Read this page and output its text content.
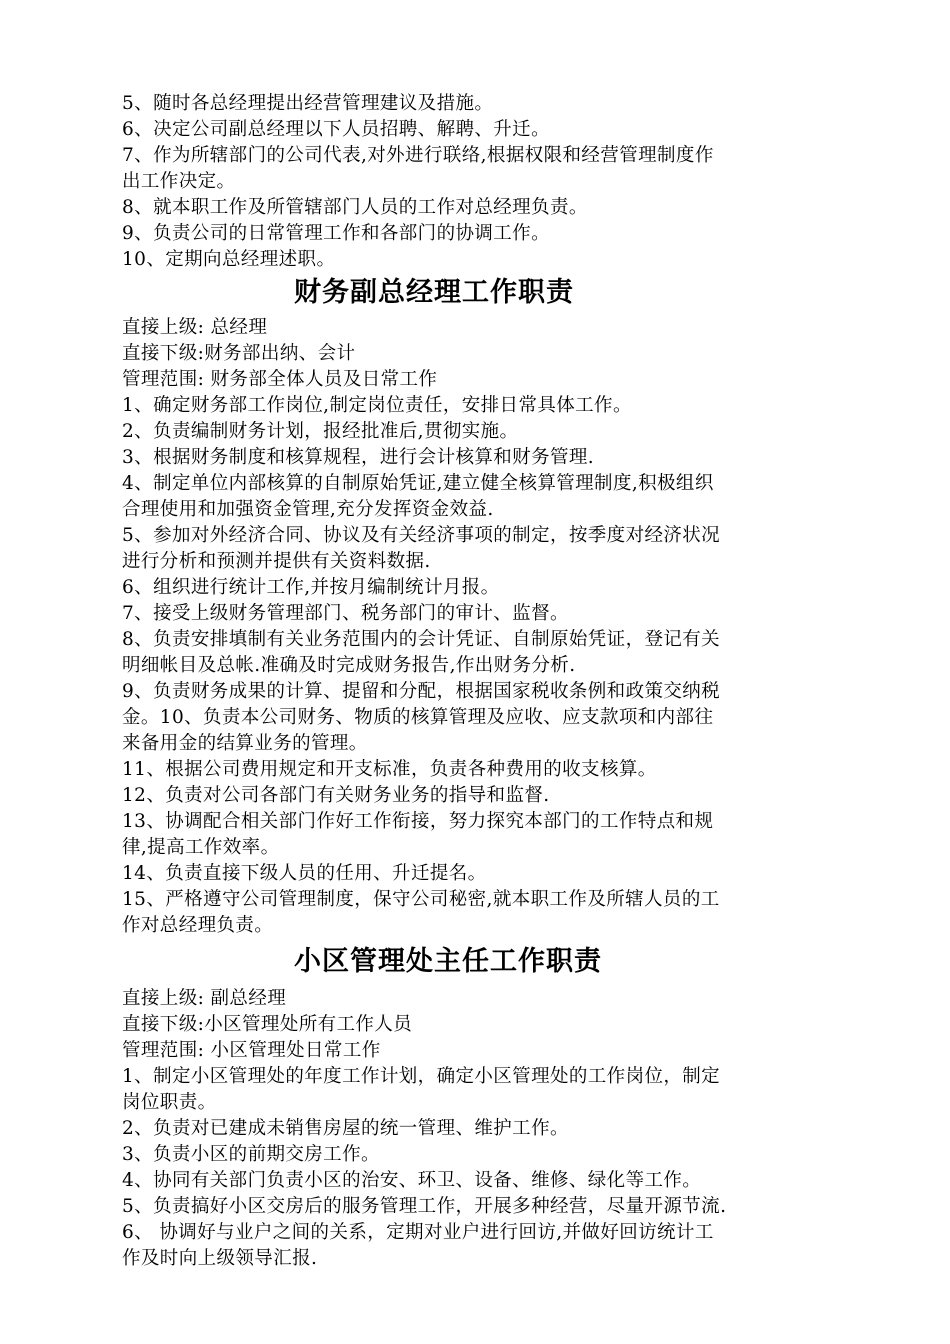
5、随时各总经理提出经营管理建议及措施。
6、决定公司副总经理以下人员招聘、解聘、升迁。
7、作为所辖部门的公司代表,对外进行联络,根据权限和经营管理制度作
出工作决定。
8、就本职工作及所管辖部门人员的工作对总经理负责。
9、负责公司的日常管理工作和各部门的协调工作。
10、定期向总经理述职。
财务副总经理工作职责
直接上级: 总经理
直接下级:财务部出纳、会计
管理范围: 财务部全体人员及日常工作
1、确定财务部工作岗位,制定岗位责任，安排日常具体工作。
2、负责编制财务计划，报经批准后,贯彻实施。
3、根据财务制度和核算规程，进行会计核算和财务管理.
4、制定单位内部核算的自制原始凭证,建立健全核算管理制度,积极组织
合理使用和加强资金管理,充分发挥资金效益.
5、参加对外经济合同、协议及有关经济事项的制定，按季度对经济状况
进行分析和预测并提供有关资料数据.
6、组织进行统计工作,并按月编制统计月报。
7、接受上级财务管理部门、税务部门的审计、监督。
8、负责安排填制有关业务范围内的会计凭证、自制原始凭证，登记有关
明细帐目及总帐.准确及时完成财务报告,作出财务分析.
9、负责财务成果的计算、提留和分配，根据国家税收条例和政策交纳税
金。10、负责本公司财务、物质的核算管理及应收、应支款项和内部往
来备用金的结算业务的管理。
11、根据公司费用规定和开支标准，负责各种费用的收支核算。
12、负责对公司各部门有关财务业务的指导和监督.
13、协调配合相关部门作好工作衔接，努力探究本部门的工作特点和规
律,提高工作效率。
14、负责直接下级人员的任用、升迁提名。
15、严格遵守公司管理制度，保守公司秘密,就本职工作及所辖人员的工
作对总经理负责。
小区管理处主任工作职责
直接上级: 副总经理
直接下级:小区管理处所有工作人员
管理范围: 小区管理处日常工作
1、制定小区管理处的年度工作计划，确定小区管理处的工作岗位，制定
岗位职责。
2、负责对已建成未销售房屋的统一管理、维护工作。
3、负责小区的前期交房工作。
4、协同有关部门负责小区的治安、环卫、设备、维修、绿化等工作。
5、负责搞好小区交房后的服务管理工作，开展多种经营，尽量开源节流.
6、 协调好与业户之间的关系，定期对业户进行回访,并做好回访统计工
作及时向上级领导汇报.
